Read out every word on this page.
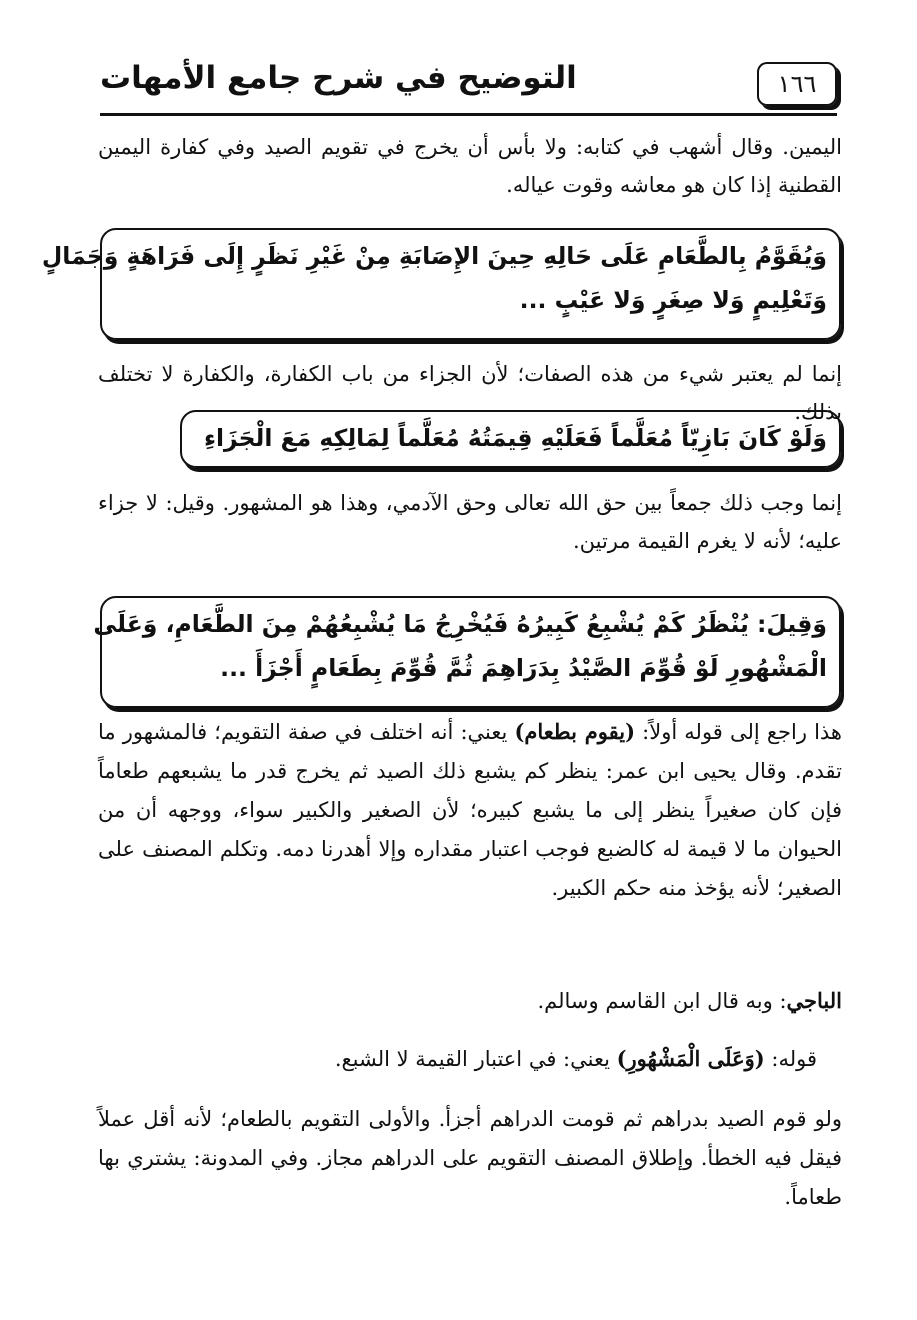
١٦٦
التوضيح في شرح جامع الأمهات
اليمين. وقال أشهب في كتابه: ولا بأس أن يخرج في تقويم الصيد وفي كفارة اليمين القطنية إذا كان هو معاشه وقوت عياله.
وَيُقَوَّمُ بِالطَّعَامِ عَلَى حَالِهِ حِينَ الإِصَابَةِ مِنْ غَيْرِ نَظَرٍ إِلَى فَرَاهَةٍ وَجَمَالٍ
وَتَعْلِيمٍ وَلا صِغَرٍ وَلا عَيْبٍ ...
إنما لم يعتبر شيء من هذه الصفات؛ لأن الجزاء من باب الكفارة، والكفارة لا تختلف بذلك.
وَلَوْ كَانَ بَازِيّاً مُعَلَّماً فَعَلَيْهِ قِيمَتُهُ مُعَلَّماً لِمَالِكِهِ مَعَ الْجَزَاءِ
إنما وجب ذلك جمعاً بين حق الله تعالى وحق الآدمي، وهذا هو المشهور. وقيل: لا جزاء عليه؛ لأنه لا يغرم القيمة مرتين.
وَقِيلَ: يُنْظَرُ كَمْ يُشْبِعُ كَبِيرُهُ فَيُخْرِجُ مَا يُشْبِعُهُمْ مِنَ الطَّعَامِ، وَعَلَى
الْمَشْهُورِ لَوْ قُوِّمَ الصَّيْدُ بِدَرَاهِمَ ثُمَّ قُوِّمَ بِطَعَامٍ أَجْزَأَ ...
هذا راجع إلى قوله أولاً: (يقوم بطعام) يعني: أنه اختلف في صفة التقويم؛ فالمشهور ما تقدم. وقال يحيى ابن عمر: ينظر كم يشبع ذلك الصيد ثم يخرج قدر ما يشبعهم طعاماً فإن كان صغيراً ينظر إلى ما يشبع كبيره؛ لأن الصغير والكبير سواء، ووجهه أن من الحيوان ما لا قيمة له كالضبع فوجب اعتبار مقداره وإلا أهدرنا دمه. وتكلم المصنف على الصغير؛ لأنه يؤخذ منه حكم الكبير.
الباجي: وبه قال ابن القاسم وسالم.
قوله: (وَعَلَى الْمَشْهُورِ) يعني: في اعتبار القيمة لا الشبع.
ولو قوم الصيد بدراهم ثم قومت الدراهم أجزأ. والأولى التقويم بالطعام؛ لأنه أقل عملاً فيقل فيه الخطأ. وإطلاق المصنف التقويم على الدراهم مجاز. وفي المدونة: يشتري بها طعاماً.
